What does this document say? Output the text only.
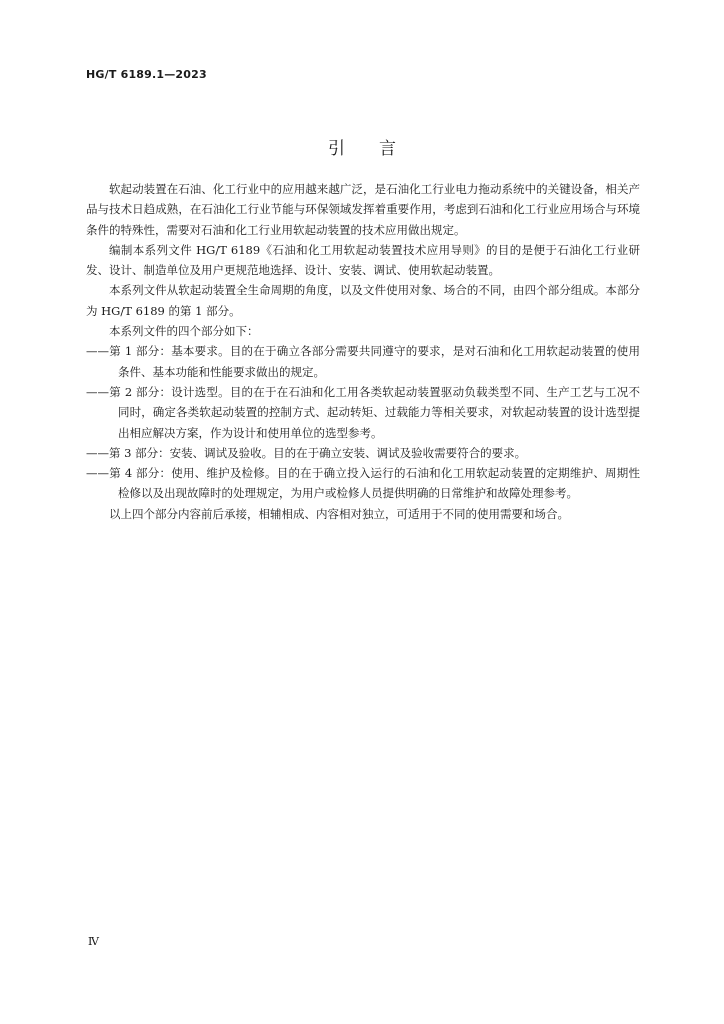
HG/T 6189.1—2023
引言

软起动装置在石油、化工行业中的应用越来越广泛，是石油化工行业电力拖动系统中的关键设备，相关产品与技术日趋成熟，在石油化工行业节能与环保领域发挥着重要作用，考虑到石油和化工行业应用场合与环境条件的特殊性，需要对石油和化工行业用软起动装置的技术应用做出规定。

编制本系列文件 HG/T 6189《石油和化工用软起动装置技术应用导则》的目的是便于石油化工行业研发、设计、制造单位及用户更规范地选择、设计、安装、调试、使用软起动装置。

本系列文件从软起动装置全生命周期的角度，以及文件使用对象、场合的不同，由四个部分组成。本部分为 HG/T 6189 的第 1 部分。

本系列文件的四个部分如下：

——第 1 部分：基本要求。目的在于确立各部分需要共同遵守的要求，是对石油和化工用软起动装置的使用条件、基本功能和性能要求做出的规定。

——第 2 部分：设计选型。目的在于在石油和化工用各类软起动装置驱动负载类型不同、生产工艺与工况不同时，确定各类软起动装置的控制方式、起动转矩、过载能力等相关要求，对软起动装置的设计选型提出相应解决方案，作为设计和使用单位的选型参考。

——第 3 部分：安装、调试及验收。目的在于确立安装、调试及验收需要符合的要求。

——第 4 部分：使用、维护及检修。目的在于确立投入运行的石油和化工用软起动装置的定期维护、周期性检修以及出现故障时的处理规定，为用户或检修人员提供明确的日常维护和故障处理参考。

以上四个部分内容前后承接，相辅相成、内容相对独立，可适用于不同的使用需要和场合。

Ⅳ
